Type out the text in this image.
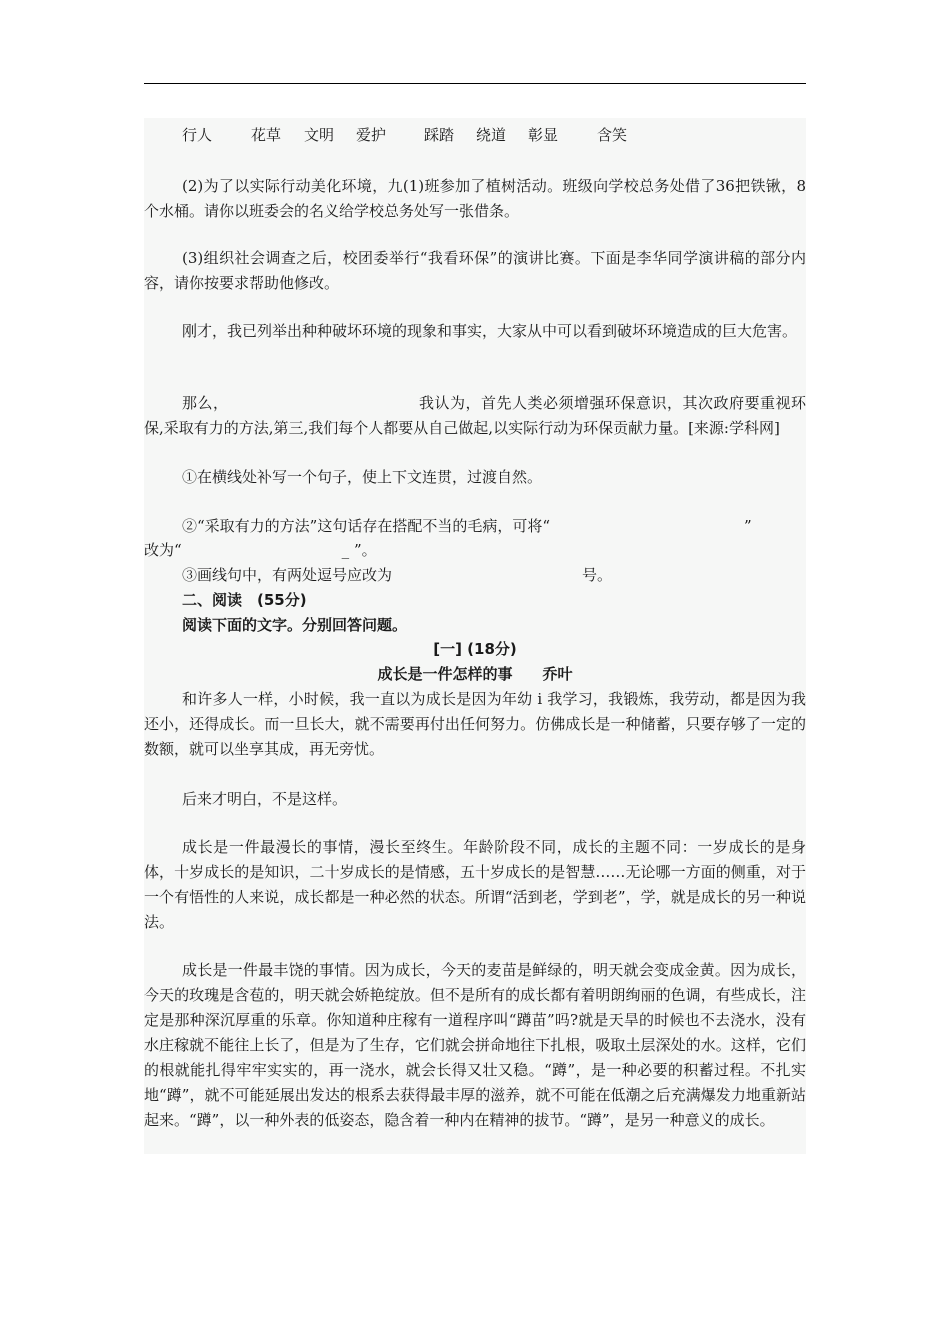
行人	花草 文明 爱护	踩踏 绕道 彰显	含笑
(2)为了以实际行动美化环境，九(1)班参加了植树活动。班级向学校总务处借了36把铁锹，8个水桶。请你以班委会的名义给学校总务处写一张借条。
(3)组织社会调查之后，校团委举行“我看环保”的演讲比赛。下面是李华同学演讲稿的部分内容，请你按要求帮助他修改。
刚才，我已列举出种种破坏环境的现象和事实，大家从中可以看到破坏环境造成的巨大危害。
那么，	我认为，首先人类必须增强环保意识，其次政府要重视环保,采取有力的方法,第三,我们每个人都要从自己做起,以实际行动为环保贡献力量。[来源:学科网]
①在横线处补写一个句子，使上下文连贯，过渡自然。
②“采取有力的方法”这句话存在搭配不当的毛病，可将“	”
改为“	_ ”。
③画线句中，有两处逗号应改为	号。
二、阅读　(55分)
阅读下面的文字。分别回答问题。
[一] (18分)
成长是一件怎样的事　　乔叶
和许多人一样，小时候，我一直以为成长是因为年幼 i 我学习，我锻炼，我劳动，都是因为我还小，还得成长。而一旦长大，就不需要再付出任何努力。仿佛成长是一种储蓄，只要存够了一定的数额，就可以坐享其成，再无旁忧。
后来才明白，不是这样。
成长是一件最漫长的事情，漫长至终生。年龄阶段不同，成长的主题不同：一岁成长的是身体，十岁成长的是知识，二十岁成长的是情感，五十岁成长的是智慧……无论哪一方面的侧重，对于一个有悟性的人来说，成长都是一种必然的状态。所谓“活到老，学到老”，学，就是成长的另一种说法。
成长是一件最丰饶的事情。因为成长，今天的麦苗是鲜绿的，明天就会变成金黄。因为成长，今天的玫瑰是含苞的，明天就会娇艳绽放。但不是所有的成长都有着明朗绚丽的色调，有些成长，注定是那种深沉厚重的乐章。你知道种庄稼有一道程序叫“蹲苗”吗?就是天旱的时候也不去浇水，没有水庄稼就不能往上长了，但是为了生存，它们就会拼命地往下扎根，吸取土层深处的水。这样，它们的根就能扎得牢牢实实的，再一浇水，就会长得又壮又稳。“蹲”，是一种必要的积蓄过程。不扎实地“蹲”，就不可能延展出发达的根系去获得最丰厚的滋养，就不可能在低潮之后充满爆发力地重新站起来。“蹲”，以一种外表的低姿态，隐含着一种内在精神的拔节。“蹲”，是另一种意义的成长。
